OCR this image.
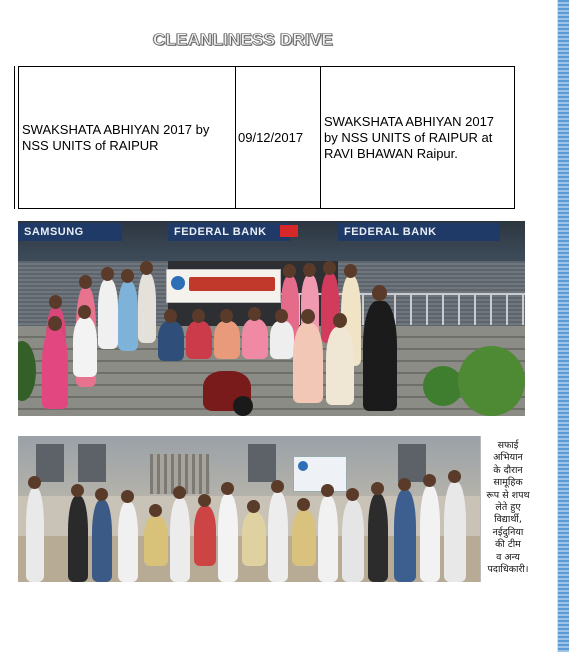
CLEANLINESS DRIVE
SWAKSHATA ABHIYAN 2017 by NSS UNITS of RAIPUR	09/12/2017	SWAKSHATA ABHIYAN 2017 by NSS UNITS of RAIPUR at RAVI BHAWAN Raipur.
SAMSUNG	FEDERAL BANK	FEDERAL BANK
सफाई
अभियान
के दौरान
सामूहिक
रूप से शपथ
लेते हुए
विद्यार्थी,
नईदुनिया
की टीम
व अन्य
पदाधिकारी।
